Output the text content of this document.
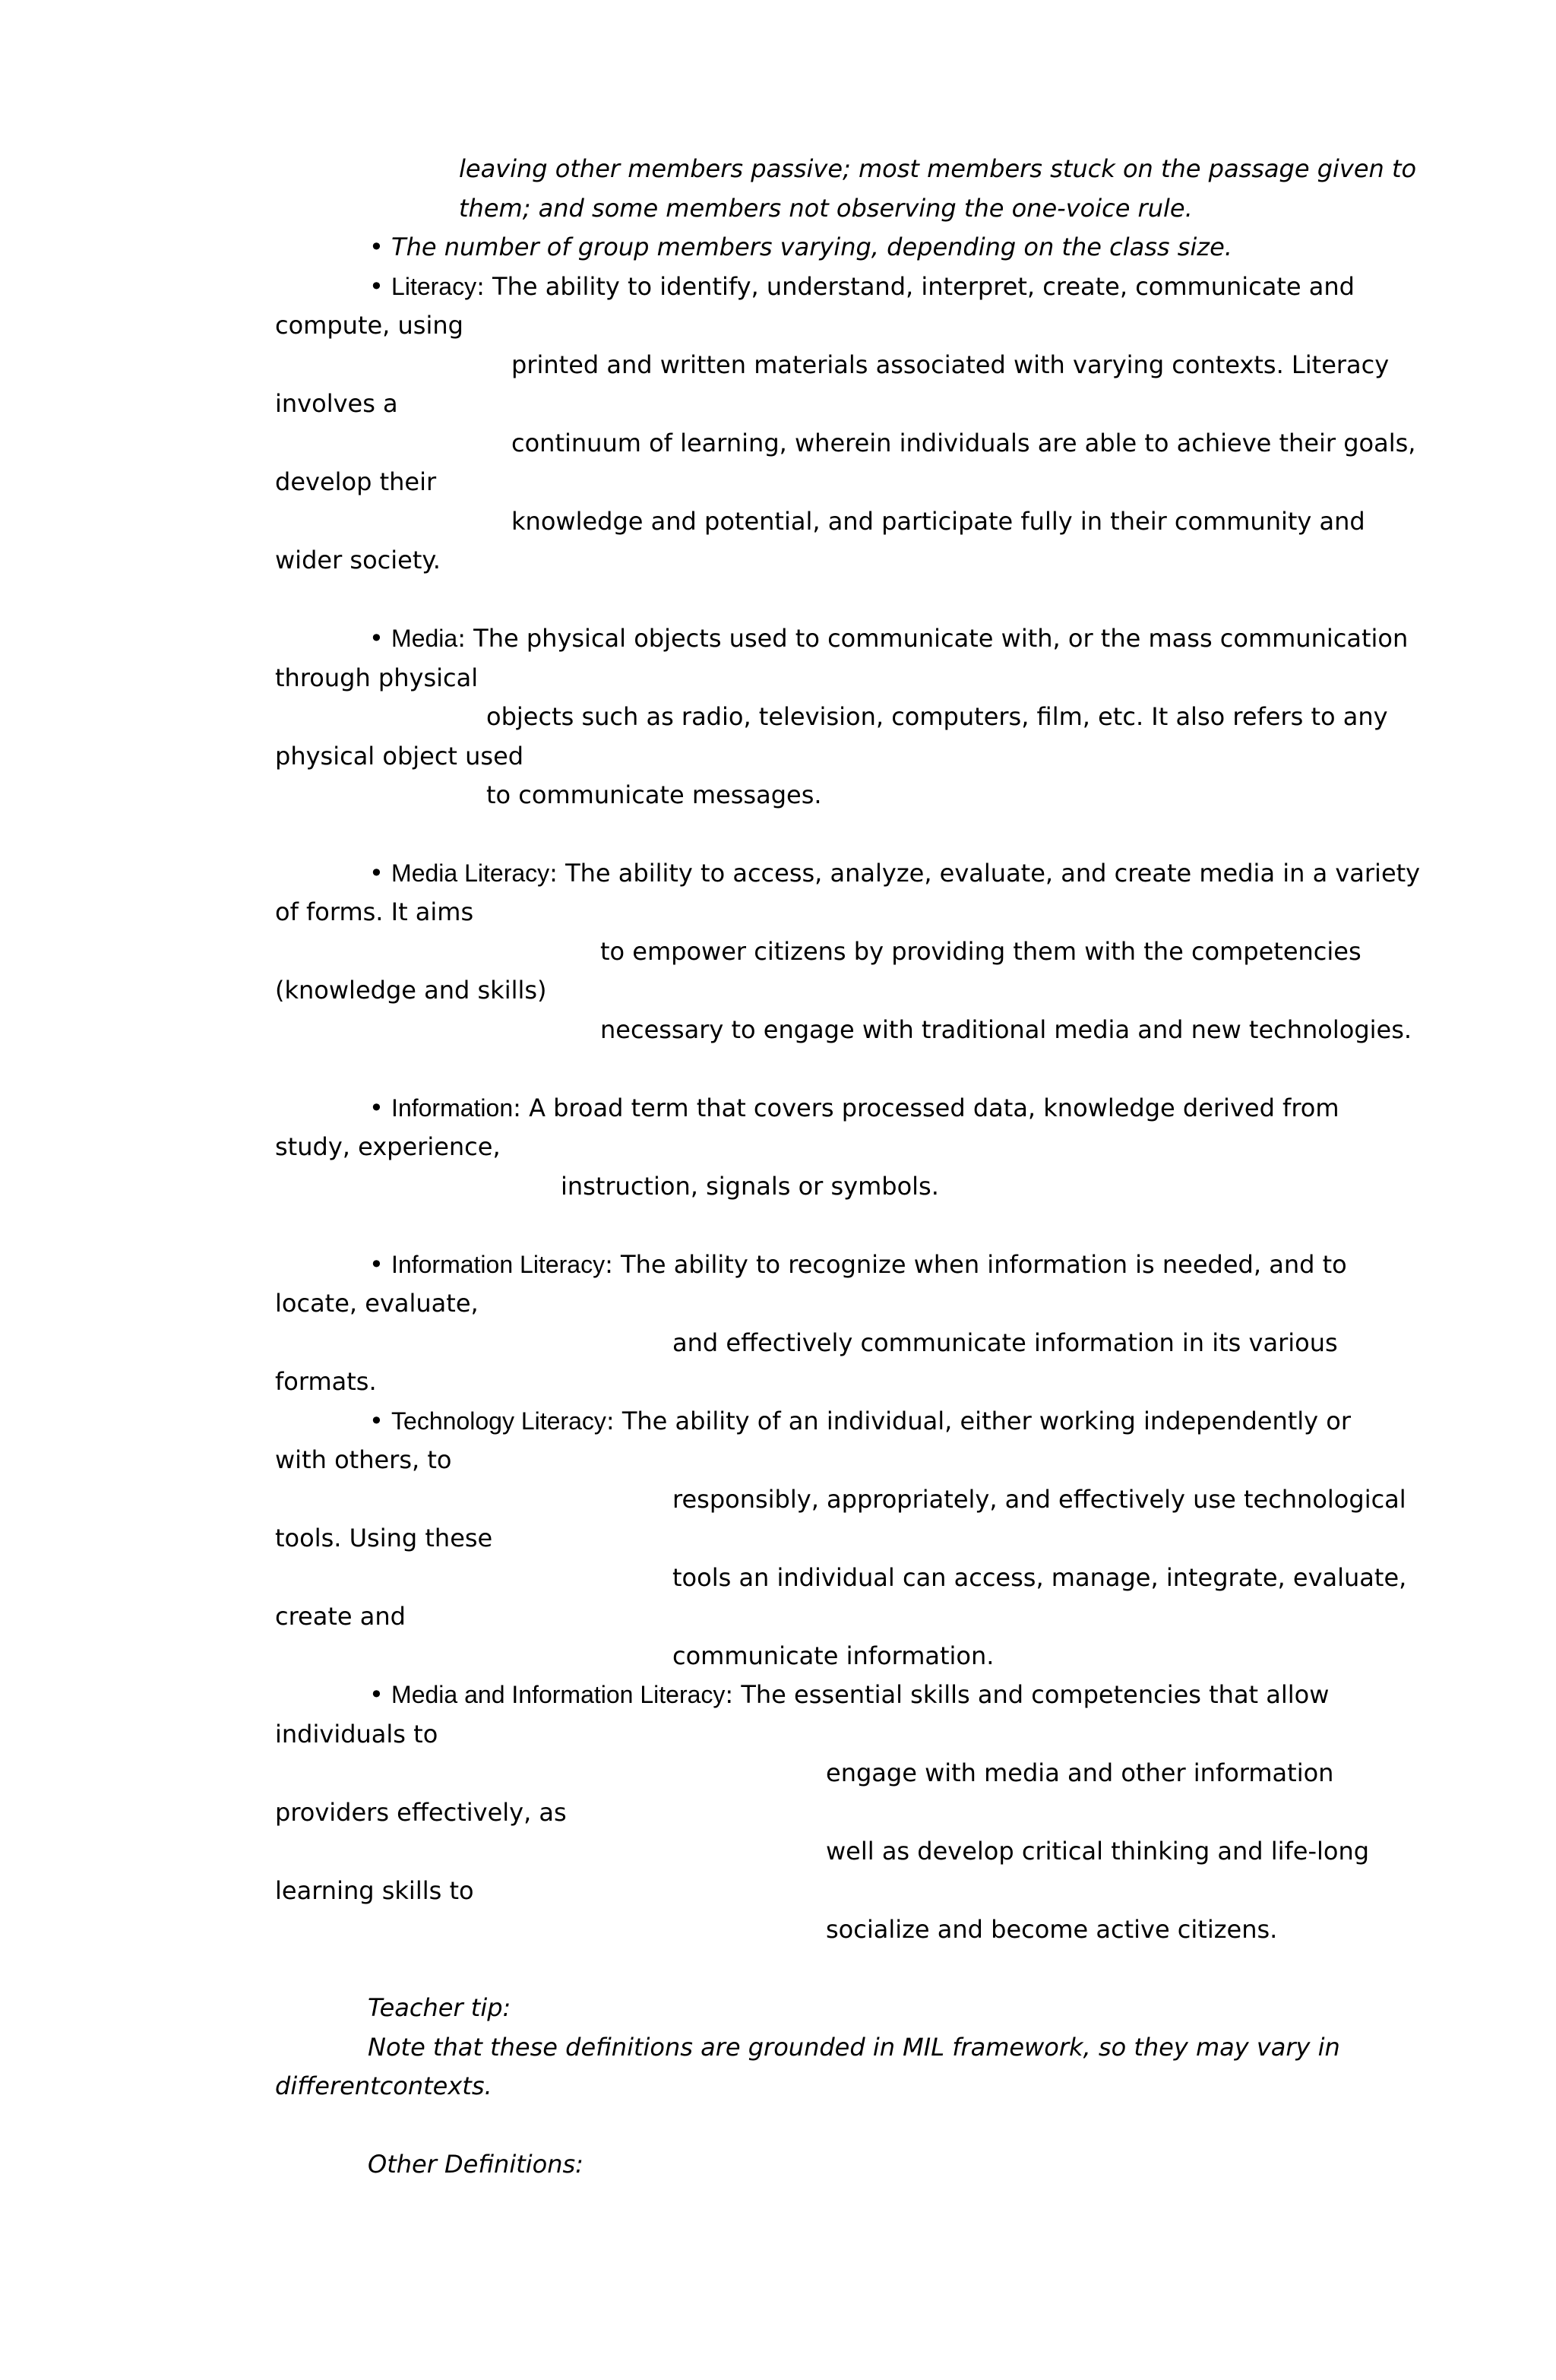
leaving other members passive; most members stuck on the passage given to
them; and some members not observing the one-voice rule.
• The number of group members varying, depending on the class size.
• Literacy: The ability to identify, understand, interpret, create, communicate and
compute, using
printed and written materials associated with varying contexts. Literacy
involves a
continuum of learning, wherein individuals are able to achieve their goals,
develop their
knowledge and potential, and participate fully in their community and
wider society.
• Media: The physical objects used to communicate with, or the mass communication
through physical
objects such as radio, television, computers, film, etc. It also refers to any
physical object used
to communicate messages.
• Media Literacy: The ability to access, analyze, evaluate, and create media in a variety
of forms. It aims
to empower citizens by providing them with the competencies
(knowledge and skills)
necessary to engage with traditional media and new technologies.
• Information: A broad term that covers processed data, knowledge derived from
study, experience,
instruction, signals or symbols.
• Information Literacy: The ability to recognize when information is needed, and to
locate, evaluate,
and effectively communicate information in its various
formats.
• Technology Literacy: The ability of an individual, either working independently or
with others, to
responsibly, appropriately, and effectively use technological
tools. Using these
tools an individual can access, manage, integrate, evaluate,
create and
communicate information.
• Media and Information Literacy: The essential skills and competencies that allow
individuals to
engage with media and other information
providers effectively, as
well as develop critical thinking and life-long
learning skills to
socialize and become active citizens.
Teacher tip:
Note that these definitions are grounded in MIL framework, so they may vary in
differentcontexts.
Other Definitions:
